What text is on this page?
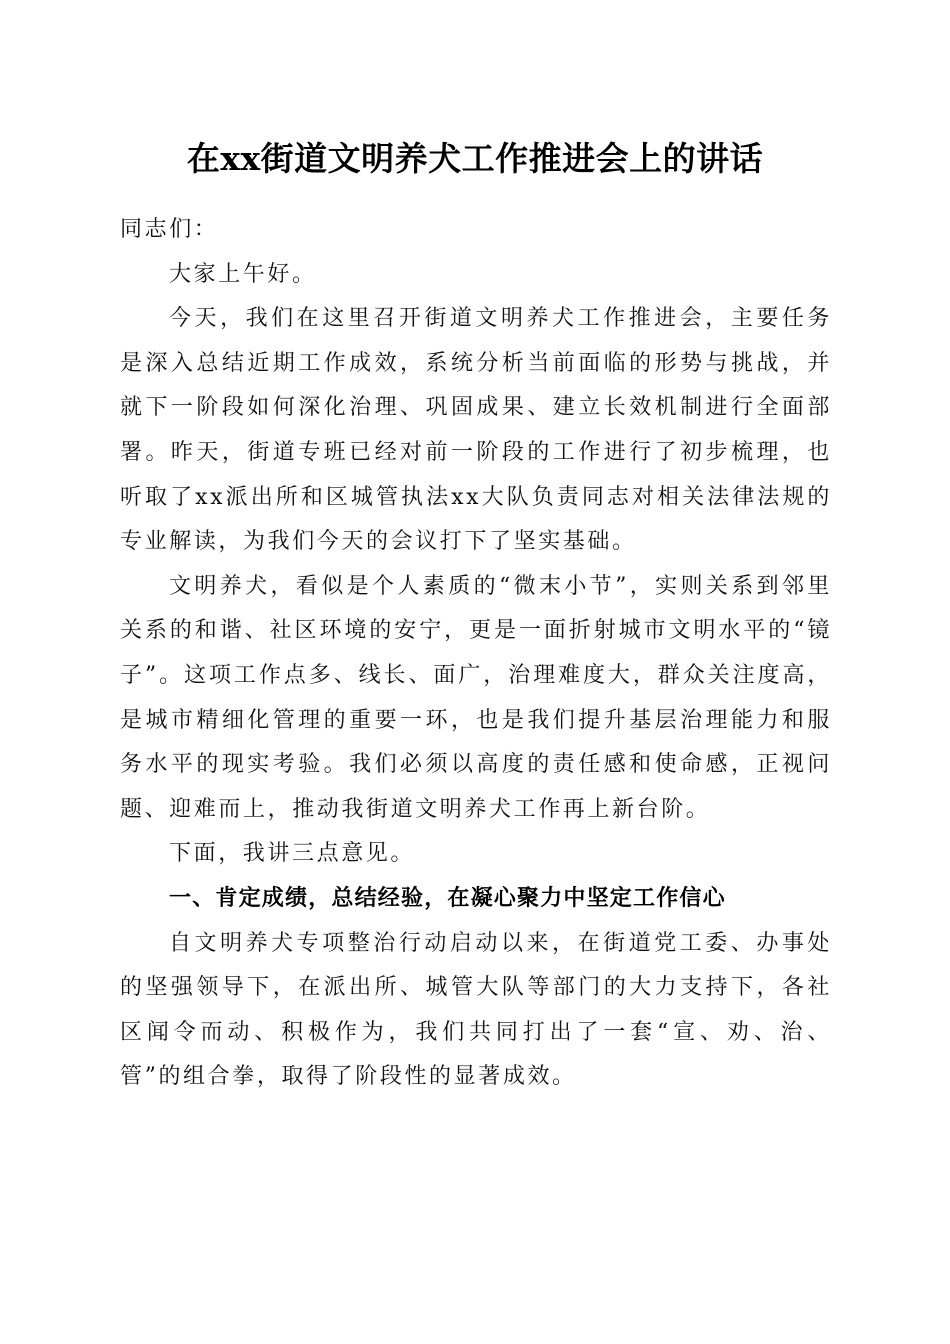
在xx街道文明养犬工作推进会上的讲话

同志们：

大家上午好。

今天，我们在这里召开街道文明养犬工作推进会，主要任务是深入总结近期工作成效，系统分析当前面临的形势与挑战，并就下一阶段如何深化治理、巩固成果、建立长效机制进行全面部署。昨天，街道专班已经对前一阶段的工作进行了初步梳理，也听取了xx派出所和区城管执法xx大队负责同志对相关法律法规的专业解读，为我们今天的会议打下了坚实基础。

文明养犬，看似是个人素质的“微末小节”，实则关系到邻里关系的和谐、社区环境的安宁，更是一面折射城市文明水平的“镜子”。这项工作点多、线长、面广，治理难度大，群众关注度高，是城市精细化管理的重要一环，也是我们提升基层治理能力和服务水平的现实考验。我们必须以高度的责任感和使命感，正视问题、迎难而上，推动我街道文明养犬工作再上新台阶。

下面，我讲三点意见。

一、肯定成绩，总结经验，在凝心聚力中坚定工作信心

自文明养犬专项整治行动启动以来，在街道党工委、办事处的坚强领导下，在派出所、城管大队等部门的大力支持下，各社区闻令而动、积极作为，我们共同打出了一套“宣、劝、治、管”的组合拳，取得了阶段性的显著成效。
